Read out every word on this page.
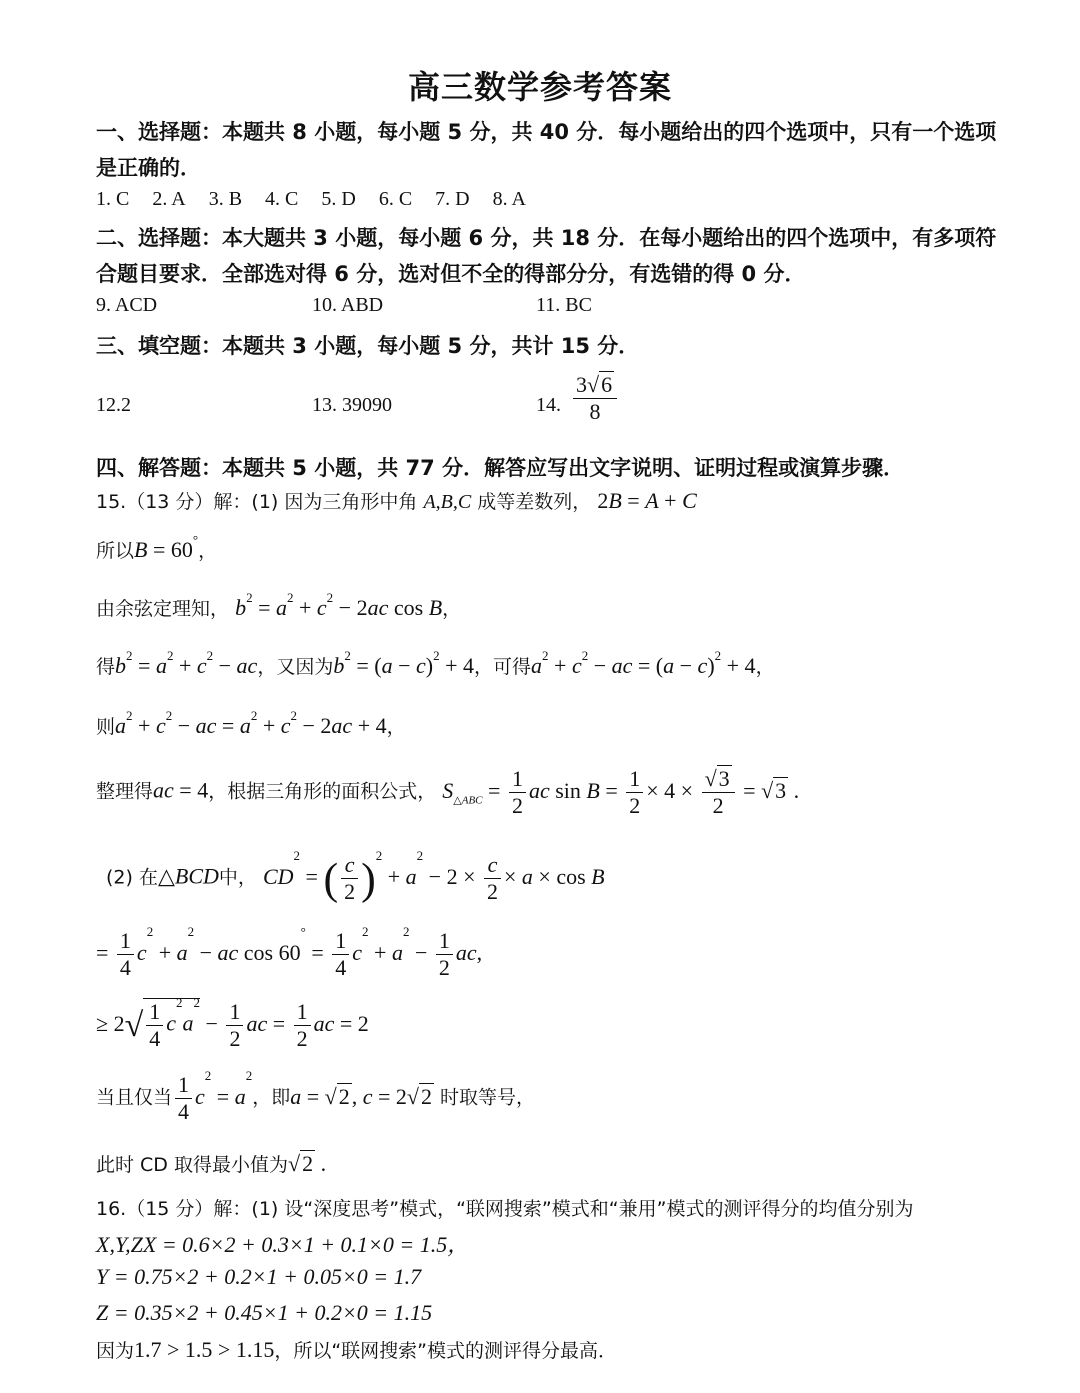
高三数学参考答案
一、选择题：本题共 8 小题，每小题 5 分，共 40 分．每小题给出的四个选项中，只有一个选项
是正确的．
1. C 2. A 3. B 4. C 5. D 6. C 7. D 8. A
二、选择题：本大题共 3 小题，每小题 6 分，共 18 分．在每小题给出的四个选项中，有多项符
合题目要求．全部选对得 6 分，选对但不全的得部分分，有选错的得 0 分．
9. ACD	10. ABD	11. BC
三、填空题：本题共 3 小题，每小题 5 分，共计 15 分．
12.2	13. 39090	14. $\frac{3√6}{8}$
四、解答题：本题共 5 小题，共 77 分．解答应写出文字说明、证明过程或演算步骤．
15.（13 分）解：(1) 因为三角形中角 A,B,C 成等差数列， 2B = A + C
所以B = 60°，
由余弦定理知， $b^2 = a^2 + c^2 - 2ac$ cos B，
得$b^2 = a^2 + c^2$ − ac，又因为$b^2 = (a - c)^2 + 4$，可得$a^2 + c^2$ − ac = $(a - c)^2 + 4$，
则$a^2 + c^2$ − ac = $a^2 + c^2 - 2ac + 4$，
整理得ac = 4，根据三角形的面积公式， $S_{\triangle ABC} = \frac{1}{2}$ ac $\sin B = \frac{1}{2} \times 4 \times \frac{√3}{2} = √3$ .
(2) 在△BCD中， $CD^2$ = ( $\frac{c}{2} )^2 + a^2 - 2 \times \frac{c}{2} \times a \times \cos B$
= $\frac{1}{4} c^2 + a^2$ − ac $\cos 60^\circ = \frac{1}{4} c^2 + a^2 - \frac{1}{2}$ ac,
≥ $2√ \frac{1}{4} c^2a^2 - \frac{1}{2}$ ac = $\frac{1}{2}$ ac = 2
当且仅当 $\frac{1}{4} c^2 = a^2$，即a = √2, c = 2√2 时取等号，
此时 CD 取得最小值为√2 .
16.（15 分）解：(1) 设“深度思考”模式，“联网搜索”模式和“兼用”模式的测评得分的均值分别为
X,Y,ZX = 0.6×2 + 0.3×1 + 0.1×0 = 1.5，
Y = 0.75×2 + 0.2×1 + 0.05×0 = 1.7
Z = 0.35×2 + 0.45×1 + 0.2×0 = 1.15
因为1.7 > 1.5 > 1.15，所以“联网搜索”模式的测评得分最高．
